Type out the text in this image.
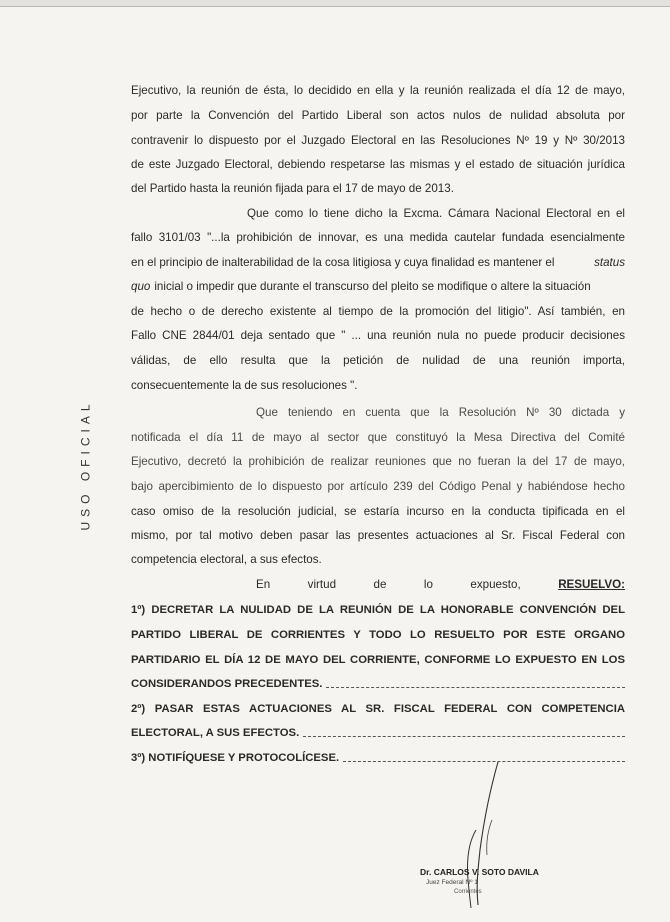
USO OFICIAL
Ejecutivo, la reunión de ésta, lo decidido en ella y la reunión realizada el día 12 de mayo,
por parte la Convención del Partido Liberal son actos nulos de nulidad absoluta por
contravenir lo dispuesto por el Juzgado Electoral en las Resoluciones Nº 19 y Nº 30/2013
de este Juzgado Electoral, debiendo respetarse las mismas y el estado de situación jurídica
del Partido hasta la reunión fijada para el 17 de mayo de 2013.
Que como lo tiene dicho la Excma. Cámara Nacional Electoral en el
fallo 3101/03 "...la prohibición de innovar, es una medida cautelar fundada esencialmente
en el principio de inalterabilidad de la cosa litigiosa y cuya finalidad es mantener el	status
quo inicial o impedir que durante el transcurso del pleito se modifique o altere la situación
de hecho o de derecho existente al tiempo de la promoción del litigio". Así también, en
Fallo CNE 2844/01 deja sentado que " ... una reunión nula no puede producir decisiones
válidas, de ello resulta que la petición de nulidad de una reunión importa,
consecuentemente la de sus resoluciones ".
Que teniendo en cuenta que la Resolución Nº 30 dictada y
notificada el día 11 de mayo al sector que constituyó la Mesa Directiva del Comité
Ejecutivo, decretó la prohibición de realizar reuniones que no fueran la del 17 de mayo,
bajo apercibimiento de lo dispuesto por artículo 239 del Código Penal y habiéndose hecho
caso omiso de la resolución judicial, se estaría incurso en la conducta tipificada en el
mismo, por tal motivo deben pasar las presentes actuaciones al Sr. Fiscal Federal con
competencia electoral, a sus efectos.
En	virtud	de	lo	expuesto,	RESUELVO:
1º) DECRETAR LA NULIDAD DE LA REUNIÓN DE LA HONORABLE CONVENCIÓN DEL
PARTIDO LIBERAL DE CORRIENTES Y TODO LO RESUELTO POR ESTE ORGANO
PARTIDARIO EL DÍA 12 DE MAYO DEL CORRIENTE, CONFORME LO EXPUESTO EN LOS
CONSIDERANDOS PRECEDENTES.
2º) PASAR ESTAS ACTUACIONES AL SR. FISCAL FEDERAL CON COMPETENCIA
ELECTORAL, A SUS EFECTOS.
3º) NOTIFÍQUESE Y PROTOCOLÍCESE.
Dr. CARLOS V. SOTO DAVILA
Juez Federal Nº 1
Corrientes
